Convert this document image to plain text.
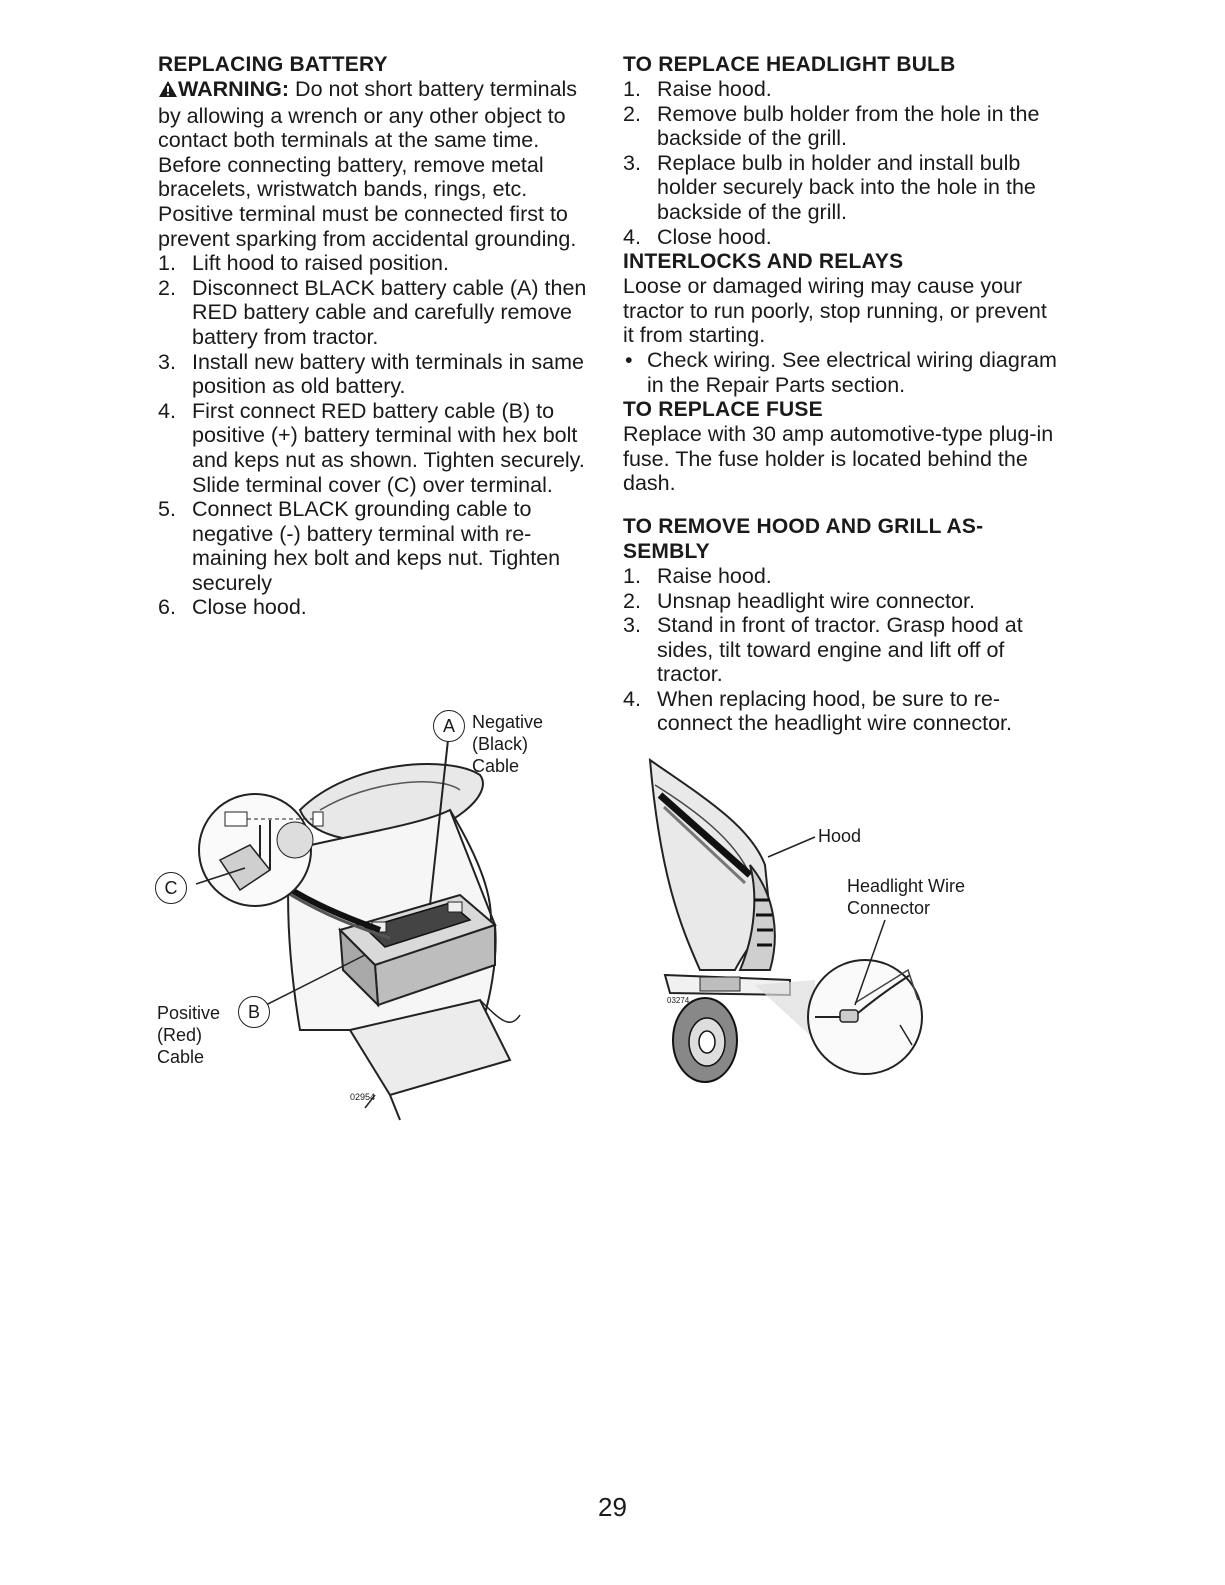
REPLACING BATTERY

WARNING: Do not short battery terminals by allowing a wrench or any other object to contact both terminals at the same time. Before connecting battery, remove metal bracelets, wristwatch bands, rings, etc.

Positive terminal must be connected first to prevent sparking from accidental grounding.

1. Lift hood to raised position.
2. Disconnect BLACK battery cable (A) then RED battery cable and carefully remove battery from tractor.
3. Install new battery with terminals in same position as old battery.
4. First connect RED battery cable (B) to positive (+) battery terminal with hex bolt and keps nut as shown. Tighten securely. Slide terminal cover (C) over terminal.
5. Connect BLACK grounding cable to negative (-) battery terminal with re-maining hex bolt and keps nut. Tighten securely
6. Close hood.
A Negative
(Black)
Cable
C
B
Positive
(Red)
Cable
02954
TO REPLACE HEADLIGHT BULB
1. Raise hood.
2. Remove bulb holder from the hole in the backside of the grill.
3. Replace bulb in holder and install bulb holder securely back into the hole in the backside of the grill.
4. Close hood.
INTERLOCKS AND RELAYS

Loose or damaged wiring may cause your tractor to run poorly, stop running, or prevent it from starting.

• Check wiring. See electrical wiring diagram in the Repair Parts section.
TO REPLACE FUSE

Replace with 30 amp automotive-type plug-in fuse. The fuse holder is located behind the dash.

TO REMOVE HOOD AND GRILL AS-SEMBLY
1. Raise hood.
2. Unsnap headlight wire connector.
3. Stand in front of tractor. Grasp hood at sides, tilt toward engine and lift off of tractor.
4. When replacing hood, be sure to re-connect the headlight wire connector.
Hood
Headlight Wire
Connector
03274
29
